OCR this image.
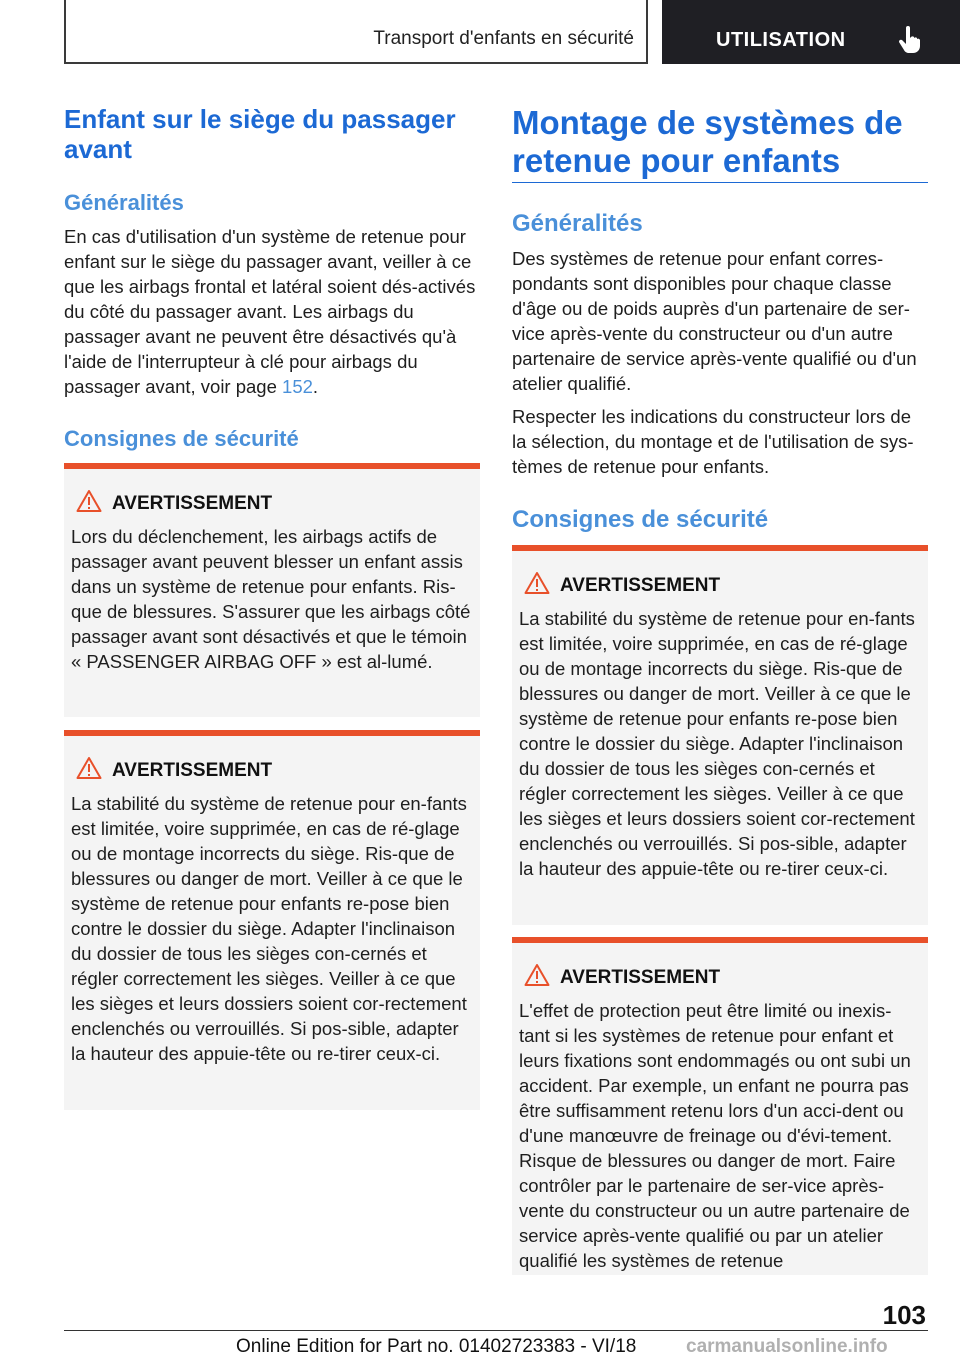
Transport d'enfants en sécurité	UTILISATION
Enfant sur le siège du passager avant
Généralités

En cas d'utilisation d'un système de retenue pour enfant sur le siège du passager avant, veiller à ce que les airbags frontal et latéral soient dés-activés du côté du passager avant. Les airbags du passager avant ne peuvent être désactivés qu'à l'aide de l'interrupteur à clé pour airbags du passager avant, voir page 152.

Consignes de sécurité
AVERTISSEMENT

Lors du déclenchement, les airbags actifs de passager avant peuvent blesser un enfant assis dans un système de retenue pour enfants. Ris-que de blessures. S'assurer que les airbags côté passager avant sont désactivés et que le témoin « PASSENGER AIRBAG OFF » est al-lumé.

AVERTISSEMENT

La stabilité du système de retenue pour en-fants est limitée, voire supprimée, en cas de ré-glage ou de montage incorrects du siège. Ris-que de blessures ou danger de mort. Veiller à ce que le système de retenue pour enfants re-pose bien contre le dossier du siège. Adapter l'inclinaison du dossier de tous les sièges con-cernés et régler correctement les sièges. Veiller à ce que les sièges et leurs dossiers soient cor-rectement enclenchés ou verrouillés. Si pos-sible, adapter la hauteur des appuie-tête ou re-tirer ceux-ci.

Montage de systèmes de retenue pour enfants
Généralités

Des systèmes de retenue pour enfant corres-pondants sont disponibles pour chaque classe d'âge ou de poids auprès d'un partenaire de ser-vice après-vente du constructeur ou d'un autre partenaire de service après-vente qualifié ou d'un atelier qualifié.

Respecter les indications du constructeur lors de la sélection, du montage et de l'utilisation de sys-tèmes de retenue pour enfants.

Consignes de sécurité
AVERTISSEMENT

La stabilité du système de retenue pour en-fants est limitée, voire supprimée, en cas de ré-glage ou de montage incorrects du siège. Ris-que de blessures ou danger de mort. Veiller à ce que le système de retenue pour enfants re-pose bien contre le dossier du siège. Adapter l'inclinaison du dossier de tous les sièges con-cernés et régler correctement les sièges. Veiller à ce que les sièges et leurs dossiers soient cor-rectement enclenchés ou verrouillés. Si pos-sible, adapter la hauteur des appuie-tête ou re-tirer ceux-ci.

AVERTISSEMENT

L'effet de protection peut être limité ou inexis-tant si les systèmes de retenue pour enfant et leurs fixations sont endommagés ou ont subi un accident. Par exemple, un enfant ne pourra pas être suffisamment retenu lors d'un acci-dent ou d'une manœuvre de freinage ou d'évi-tement. Risque de blessures ou danger de mort. Faire contrôler par le partenaire de ser-vice après-vente du constructeur ou un autre partenaire de service après-vente qualifié ou par un atelier qualifié les systèmes de retenue

103
Online Edition for Part no. 01402723383 - VI/18	carmanualsonline.info
